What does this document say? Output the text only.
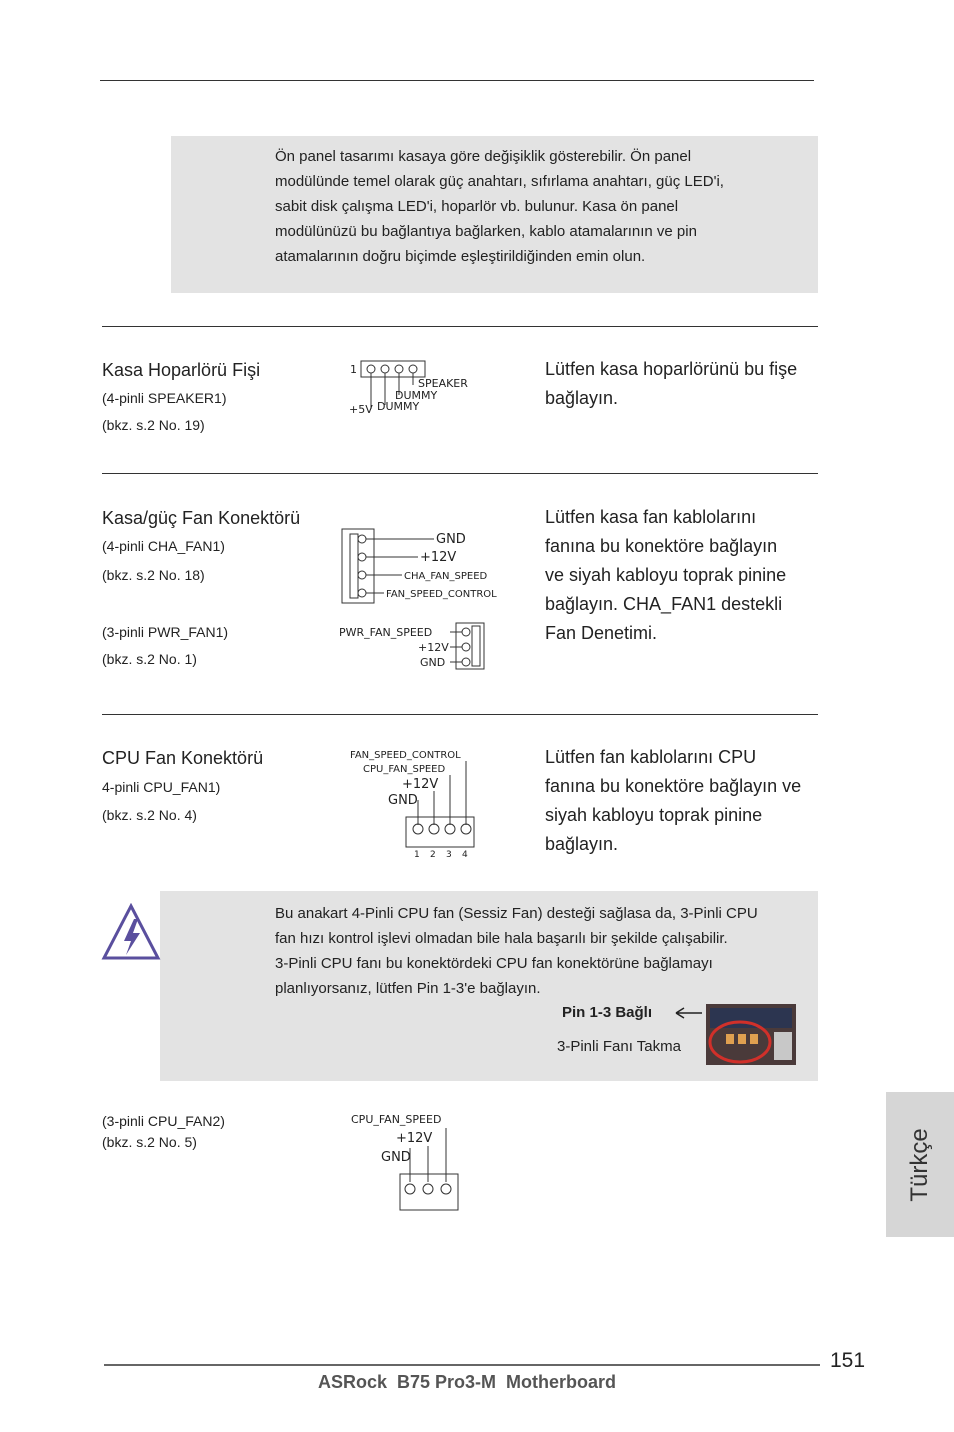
Ön panel tasarımı kasaya göre değişiklik gösterebilir. Ön panel
modülünde temel olarak güç anahtarı, sıfırlama anahtarı, güç LED'i,
sabit disk çalışma LED'i, hoparlör vb. bulunur. Kasa ön panel
modülünüzü bu bağlantıya bağlarken, kablo atamalarının ve pin
atamalarının doğru biçimde eşleştirildiğinden emin olun.
Kasa Hoparlörü Fişi
(4-pinli SPEAKER1)
(bkz. s.2 No. 19)
1
SPEAKER
DUMMY
DUMMY
+5V
Lütfen kasa hoparlörünü bu fişe
bağlayın.
Kasa/güç Fan Konektörü
(4-pinli CHA_FAN1)
(bkz. s.2 No. 18)
(3-pinli PWR_FAN1)
(bkz. s.2 No. 1)
GND
+12V
CHA_FAN_SPEED
FAN_SPEED_CONTROL
PWR_FAN_SPEED
+12V
GND
Lütfen kasa fan kablolarını
fanına bu konektöre bağlayın
ve siyah kabloyu toprak pinine
bağlayın. CHA_FAN1 destekli
Fan Denetimi.
CPU Fan Konektörü
4-pinli CPU_FAN1)
(bkz. s.2 No. 4)
FAN_SPEED_CONTROL
CPU_FAN_SPEED
+12V
GND
1 2 3 4
Lütfen fan kablolarını CPU
fanına bu konektöre bağlayın ve
siyah kabloyu toprak pinine
bağlayın.
Bu anakart 4-Pinli CPU fan (Sessiz Fan) desteği sağlasa da, 3-Pinli CPU
fan hızı kontrol işlevi olmadan bile hala başarılı bir şekilde çalışabilir.
3-Pinli CPU fanı bu konektördeki CPU fan konektörüne bağlamayı
planlıyorsanız, lütfen Pin 1-3'e bağlayın.
Pin 1-3 Bağlı
3-Pinli Fanı Takma
(3-pinli CPU_FAN2)
(bkz. s.2 No. 5)
CPU_FAN_SPEED
+12V
GND	Türkçe
151
ASRock  B75 Pro3-M  Motherboard
